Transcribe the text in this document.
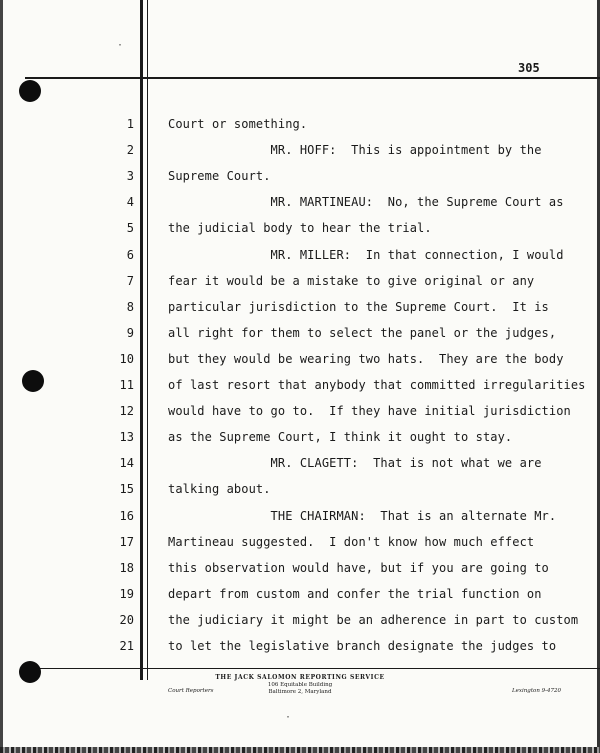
·
·
305
1	Court or something.
2	MR. HOFF:  This is appointment by the
3	Supreme Court.
4	MR. MARTINEAU:  No, the Supreme Court as
5	the judicial body to hear the trial.
6	MR. MILLER:  In that connection, I would
7	fear it would be a mistake to give original or any
8	particular jurisdiction to the Supreme Court.  It is
9	all right for them to select the panel or the judges,
10	but they would be wearing two hats.  They are the body
11	of last resort that anybody that committed irregularities
12	would have to go to.  If they have initial jurisdiction
13	as the Supreme Court, I think it ought to stay.
14	MR. CLAGETT:  That is not what we are
15	talking about.
16	THE CHAIRMAN:  That is an alternate Mr.
17	Martineau suggested.  I don't know how much effect
18	this observation would have, but if you are going to
19	depart from custom and confer the trial function on
20	the judiciary it might be an adherence in part to custom
21	to let the legislative branch designate the judges to
THE JACK SALOMON REPORTING SERVICE
106 Equitable Building
Baltimore 2, Maryland
Court Reporters	Lexington 9-4720
